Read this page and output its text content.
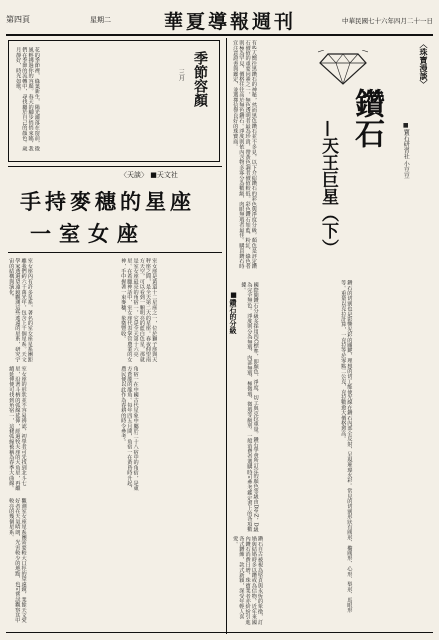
第四頁	星期二	華夏導報週刊	中華民國七十六年四月二十一日
〈珠寶漫談〉
鑽石
—天王巨星（下）	■寶石研習社 小豆豆
有些人嚮往黑鑽石的神秘，然而黑色鑽石並不多見。以下介紹鑽石的彩色與淨度分級。顏色是評定鑽石價值的重要因素之一，無色透明者最為珍貴，帶黃色調者價值較低。彩色鑽石如藍、粉紅、綠色者則極為罕見，價格往往高於無色鑽石。淨度則依內含物多寡分為數級，肉眼無瑕者最佳。購買鑽石時宜注意證書與鑑定，並選擇信譽良好的珠寶商。
鑽石的切割也是影響光彩的關鍵，理想的切工能使光線在鑽石內部全反射，呈現璀璨火彩。常見的切割形狀有圓形、橢圓形、心形、梨形、馬眼形等。重量以克拉計算，一克拉等於零點二公克，克拉數愈大價格愈高。
■鑽石的分級	國際間鑽石分級多採用四C標準，即顏色、淨度、切工與克拉重量。鑽石學會所訂定的顏色等級由D至Z，D級為完全無色。淨度則分為無瑕、內部無瑕、極微瑕、微瑕等級別。一般消費者選購時可參考鑑定書上的各項數據。
鑽石自古被視為堅貞與永恆的象徵，訂婚與結婚時多以鑽戒為信物。近年來國內鑽石消費日增，珠寶業者亦紛紛引進各式鑽飾，款式新穎，深受年輕人喜愛。
季節容顏
三月
花的季節裡，綠葉新生，陽光灑落在窗前，微風輕拂過你的容顏。春天的腳步悄悄來臨，我們在季節的流轉中，尋找屬於自己的顏色。歲月靜好，時光如歌。
〈天談〉 ■天文社
手持麥穗的星座
一室女座
室女座是黃道十二星座之一，位於獅子座與天秤座之間，是全天第二大的星座。春夜仰望南方天空，可以看到一顆明亮的藍白色星，那就是室女座最亮的角宿一，它是全天第十六亮星。在希臘神話中，室女座代表掌管農業的女神，手中握著一束麥穗，象徵豐收。
室女座內有許多星系，著名的室女座星系團距離我們約六千萬光年，包含上千個星系。天文學家透過望遠鏡觀測這些遙遠的星系，研究宇宙的結構與演化。
角宿一在中國古代星象中屬於二十八宿中的角宿，是東方蒼龍的龍角。每年四五月間，角宿一在黃昏時升起，農民便以此作為春耕的時令參考。
室女座的形狀並不容易辨認，初學者可先找到北斗七星，沿著斗柄的弧線延伸，經過牧夫座的大角星，再繼續延伸便可找到角宿一，這條弧線被稱為春季大曲線。
觀測室女座星系團需要較大口徑的望遠鏡，業餘天文愛好者在天氣晴朗、光害較少的地點，也可嘗試觀察其中較亮的幾個星系。
